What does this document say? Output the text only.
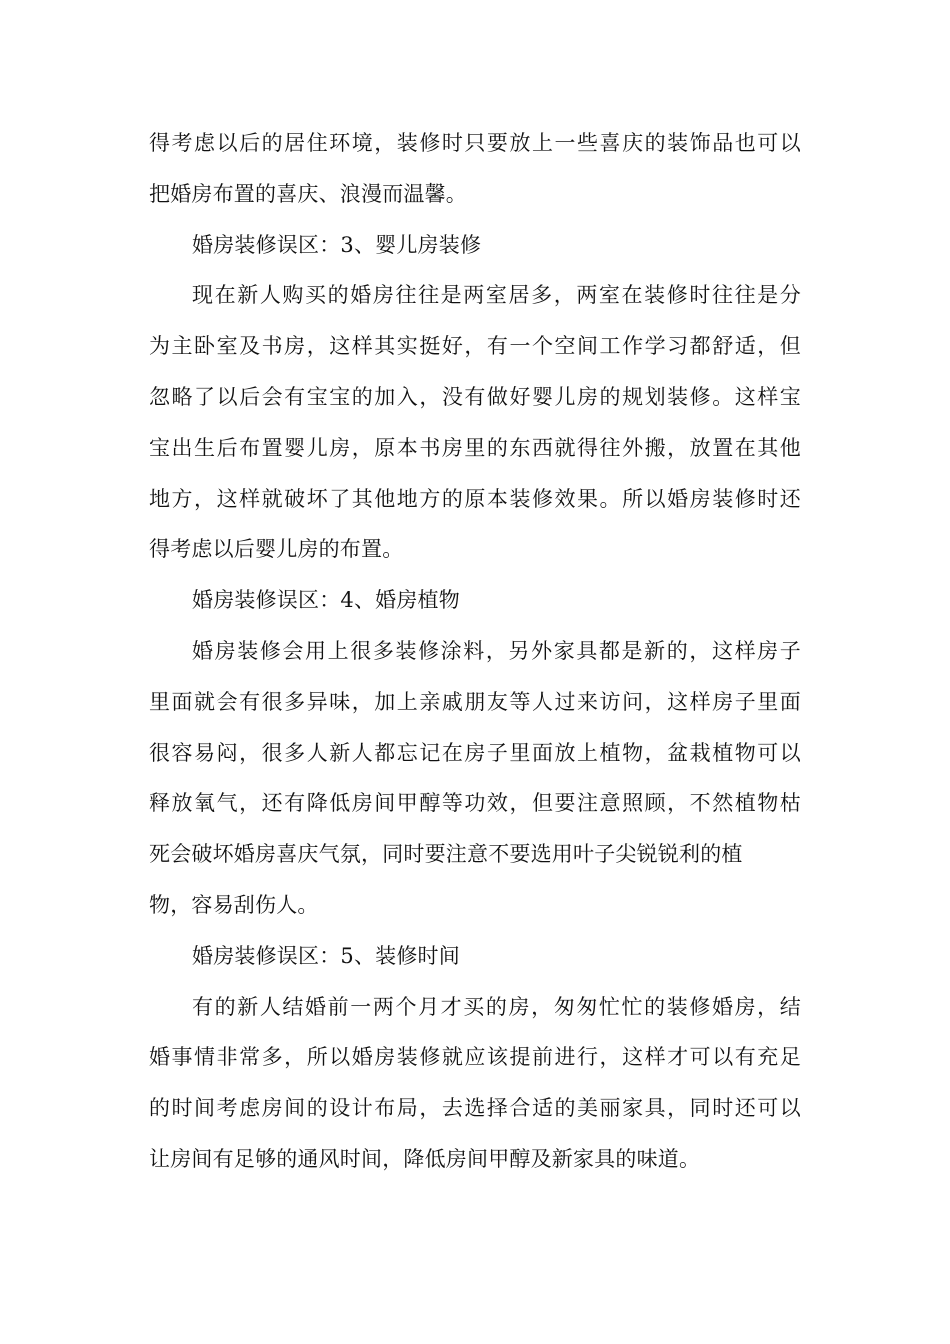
得考虑以后的居住环境，装修时只要放上一些喜庆的装饰品也可以
把婚房布置的喜庆、浪漫而温馨。
婚房装修误区：3、婴儿房装修
现在新人购买的婚房往往是两室居多，两室在装修时往往是分
为主卧室及书房，这样其实挺好，有一个空间工作学习都舒适，但
忽略了以后会有宝宝的加入，没有做好婴儿房的规划装修。这样宝
宝出生后布置婴儿房，原本书房里的东西就得往外搬，放置在其他
地方，这样就破坏了其他地方的原本装修效果。所以婚房装修时还
得考虑以后婴儿房的布置。
婚房装修误区：4、婚房植物
婚房装修会用上很多装修涂料，另外家具都是新的，这样房子
里面就会有很多异味，加上亲戚朋友等人过来访问，这样房子里面
很容易闷，很多人新人都忘记在房子里面放上植物，盆栽植物可以
释放氧气，还有降低房间甲醇等功效，但要注意照顾，不然植物枯
死会破坏婚房喜庆气氛，同时要注意不要选用叶子尖锐锐利的植
物，容易刮伤人。
婚房装修误区：5、装修时间
有的新人结婚前一两个月才买的房，匆匆忙忙的装修婚房，结
婚事情非常多，所以婚房装修就应该提前进行，这样才可以有充足
的时间考虑房间的设计布局，去选择合适的美丽家具，同时还可以
让房间有足够的通风时间，降低房间甲醇及新家具的味道。
